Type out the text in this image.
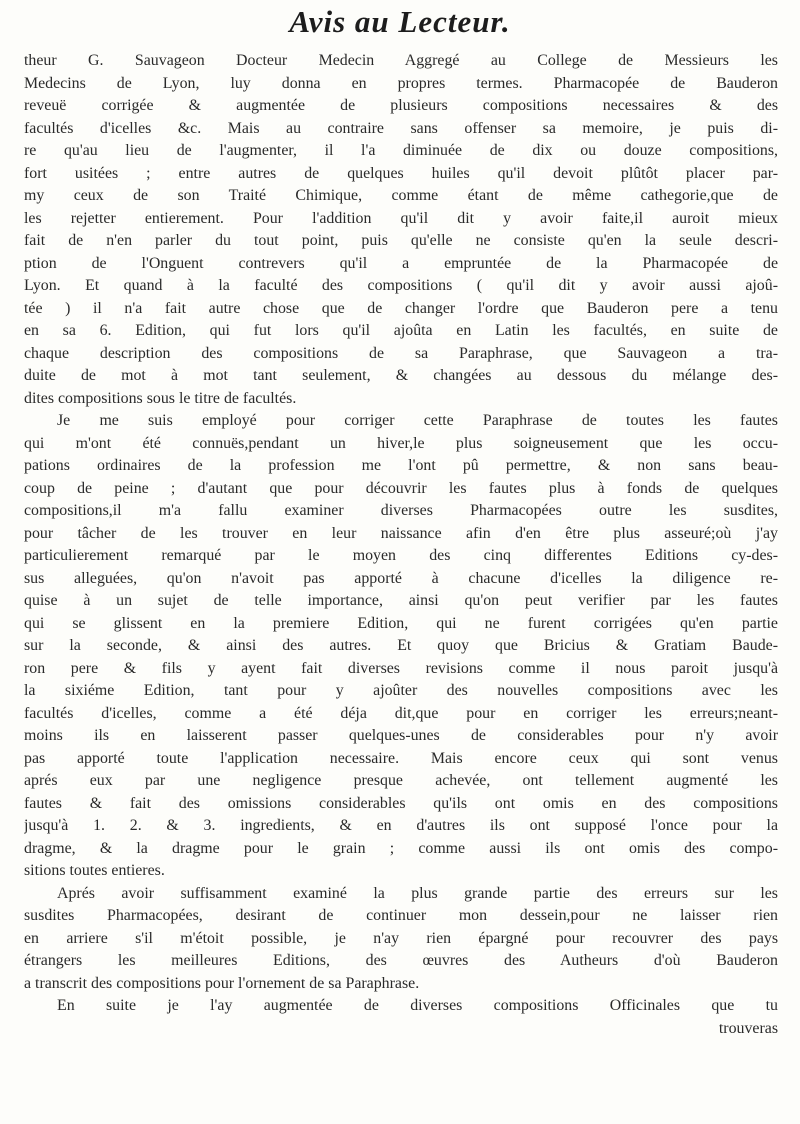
Avis au Lecteur.
theur G. Sauvageon Docteur Medecin Aggregé au College de Messieurs les
Medecins de Lyon, luy donna en propres termes. Pharmacopée de Bauderon
reveuë corrigée & augmentée de plusieurs compositions necessaires & des
facultés d'icelles &c. Mais au contraire sans offenser sa memoire, je puis di-
re qu'au lieu de l'augmenter, il l'a diminuée de dix ou douze compositions,
fort usitées ; entre autres de quelques huiles qu'il devoit plûtôt placer par-
my ceux de son Traité Chimique, comme étant de même cathegorie,que de
les rejetter entierement. Pour l'addition qu'il dit y avoir faite,il auroit mieux
fait de n'en parler du tout point, puis qu'elle ne consiste qu'en la seule descri-
ption de l'Onguent contrevers qu'il a empruntée de la Pharmacopée de
Lyon. Et quand à la faculté des compositions ( qu'il dit y avoir aussi ajoû-
tée ) il n'a fait autre chose que de changer l'ordre que Bauderon pere a tenu
en sa 6. Edition, qui fut lors qu'il ajoûta en Latin les facultés, en suite de
chaque description des compositions de sa Paraphrase, que Sauvageon a tra-
duite de mot à mot tant seulement, & changées au dessous du mélange des-
dites compositions sous le titre de facultés.
Je me suis employé pour corriger cette Paraphrase de toutes les fautes
qui m'ont été connuës,pendant un hiver,le plus soigneusement que les occu-
pations ordinaires de la profession me l'ont pû permettre, & non sans beau-
coup de peine ; d'autant que pour découvrir les fautes plus à fonds de quelques
compositions,il m'a fallu examiner diverses Pharmacopées outre les susdites,
pour tâcher de les trouver en leur naissance afin d'en être plus asseuré;où j'ay
particulierement remarqué par le moyen des cinq differentes Editions cy-des-
sus alleguées, qu'on n'avoit pas apporté à chacune d'icelles la diligence re-
quise à un sujet de telle importance, ainsi qu'on peut verifier par les fautes
qui se glissent en la premiere Edition, qui ne furent corrigées qu'en partie
sur la seconde, & ainsi des autres. Et quoy que Bricius & Gratiam Baude-
ron pere & fils y ayent fait diverses revisions comme il nous paroit jusqu'à
la sixiéme Edition, tant pour y ajoûter des nouvelles compositions avec les
facultés d'icelles, comme a été déja dit,que pour en corriger les erreurs;neant-
moins ils en laisserent passer quelques-unes de considerables pour n'y avoir
pas apporté toute l'application necessaire. Mais encore ceux qui sont venus
aprés eux par une negligence presque achevée, ont tellement augmenté les
fautes & fait des omissions considerables qu'ils ont omis en des compositions
jusqu'à 1. 2. & 3. ingredients, & en d'autres ils ont supposé l'once pour la
dragme, & la dragme pour le grain ; comme aussi ils ont omis des compo-
sitions toutes entieres.
Aprés avoir suffisamment examiné la plus grande partie des erreurs sur les
susdites Pharmacopées, desirant de continuer mon dessein,pour ne laisser rien
en arriere s'il m'étoit possible, je n'ay rien épargné pour recouvrer des pays
étrangers les meilleures Editions, des œuvres des Autheurs d'où Bauderon
a transcrit des compositions pour l'ornement de sa Paraphrase.
En suite je l'ay augmentée de diverses compositions Officinales que tu
trouveras
